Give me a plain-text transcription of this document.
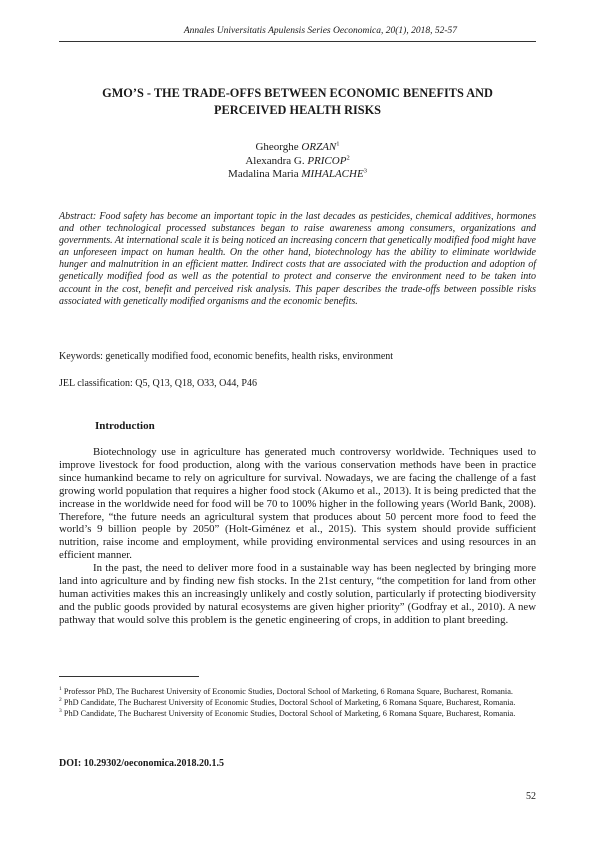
Annales Universitatis Apulensis Series Oeconomica, 20(1), 2018, 52-57
GMO’S - THE TRADE-OFFS BETWEEN ECONOMIC BENEFITS AND
PERCEIVED HEALTH RISKS
Gheorghe ORZAN$^1$
Alexandra G. PRICOP$^2$
Madalina Maria MIHALACHE$^3$
Abstract: Food safety has become an important topic in the last decades as pesticides, chemical additives, hormones and other technological processed substances began to raise awareness among consumers, organizations and governments. At international scale it is being noticed an increasing concern that genetically modified food might have an unforeseen impact on human health. On the other hand, biotechnology has the ability to eliminate worldwide hunger and malnutrition in an efficient matter. Indirect costs that are associated with the production and adoption of genetically modified food as well as the potential to protect and conserve the environment need to be taken into account in the cost, benefit and perceived risk analysis. This paper describes the trade-offs between possible risks associated with genetically modified organisms and the economic benefits.
Keywords: genetically modified food, economic benefits, health risks, environment
JEL classification: Q5, Q13, Q18, O33, O44, P46
Introduction

Biotechnology use in agriculture has generated much controversy worldwide. Techniques used to improve livestock for food production, along with the various conservation methods have been in practice since humankind became to rely on agriculture for survival. Nowadays, we are facing the challenge of a fast growing world population that requires a higher food stock (Akumo et al., 2013). It is being predicted that the increase in the worldwide need for food will be 70 to 100% higher in the following years (World Bank, 2008). Therefore, “the future needs an agricultural system that produces about 50 percent more food to feed the world’s 9 billion people by 2050” (Holt-Giménez et al., 2015). This system should provide sufficient nutrition, raise income and employment, while providing environmental services and using resources in an efficient manner.

In the past, the need to deliver more food in a sustainable way has been neglected by bringing more land into agriculture and by finding new fish stocks. In the 21st century, “the competition for land from other human activities makes this an increasingly unlikely and costly solution, particularly if protecting biodiversity and the public goods provided by natural ecosystems are given higher priority” (Godfray et al., 2010). A new pathway that would solve this problem is the genetic engineering of crops, in addition to plant breeding.

$^1$ Professor PhD, The Bucharest University of Economic Studies, Doctoral School of Marketing, 6 Romana Square, Bucharest, Romania.

$^2$ PhD Candidate, The Bucharest University of Economic Studies, Doctoral School of Marketing, 6 Romana Square, Bucharest, Romania.

$^3$ PhD Candidate, The Bucharest University of Economic Studies, Doctoral School of Marketing, 6 Romana Square, Bucharest, Romania.

DOI: 10.29302/oeconomica.2018.20.1.5
52
